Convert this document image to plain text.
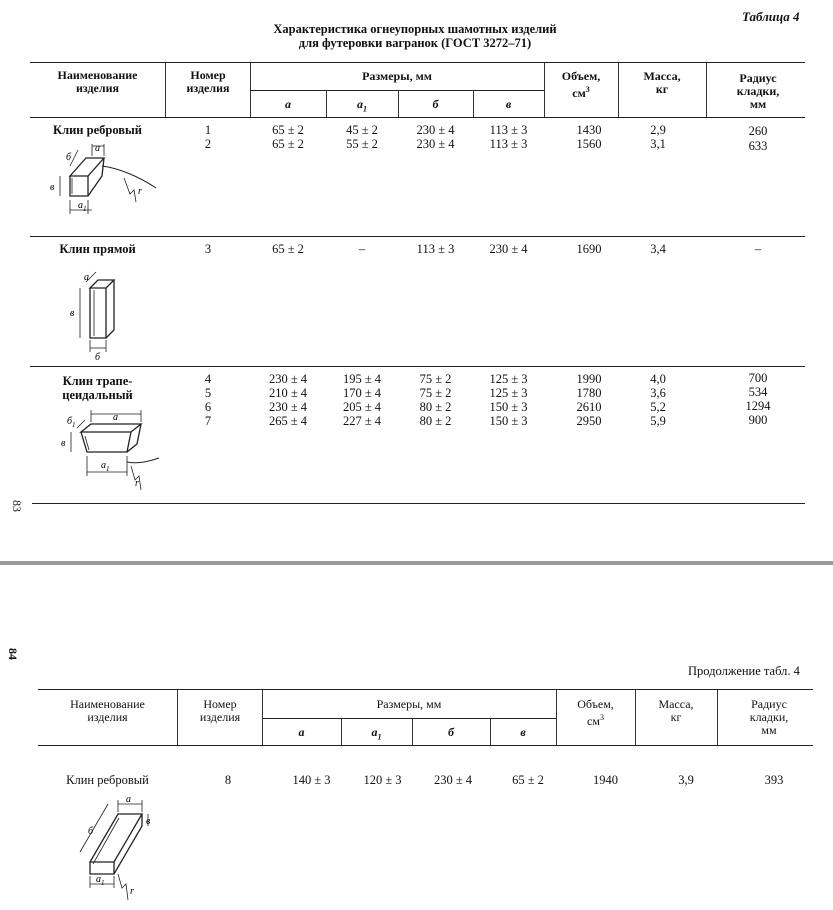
Таблица 4
Характеристика огнеупорных шамотных изделий
для футеровки вагранок (ГОСТ 3272–71)
Наименование
изделия
Номер
изделия
Размеры, мм
а	$а_1$	б	в
Объем,
$см^3$
Масса,
кг
Радиус
кладки,
мм
Клин ребровый	1	65 ± 2	45 ± 2	230 ± 4	113 ± 3	1430	2,9	260
2	65 ± 2	55 ± 2	230 ± 4	113 ± 3	1560	3,1	633
а
б
в
$а_1$
r
Клин прямой	3	65 ± 2	–	113 ± 3	230 ± 4	1690	3,4	–
а
в
б
Клин трапе-
цеидальный
4	230 ± 4	195 ± 4	75 ± 2	125 ± 3	1990	4,0	700
5	210 ± 4	170 ± 4	75 ± 2	125 ± 3	1780	3,6	534
6	230 ± 4	205 ± 4	80 ± 2	150 ± 3	2610	5,2	1294
7	265 ± 4	227 ± 4	80 ± 2	150 ± 3	2950	5,9	900
а
$б_1$
в
$а_1$
r
83
84
Продолжение табл. 4
Наименование
изделия
Номер
изделия
Размеры, мм
а	$а_1$	б	в
Объем,
$см^3$
Масса,
кг
Радиус
кладки,
мм
Клин ребровый	8	140 ± 3	120 ± 3	230 ± 4	65 ± 2	1940	3,9	393
а
в
б
$а_1$
r
